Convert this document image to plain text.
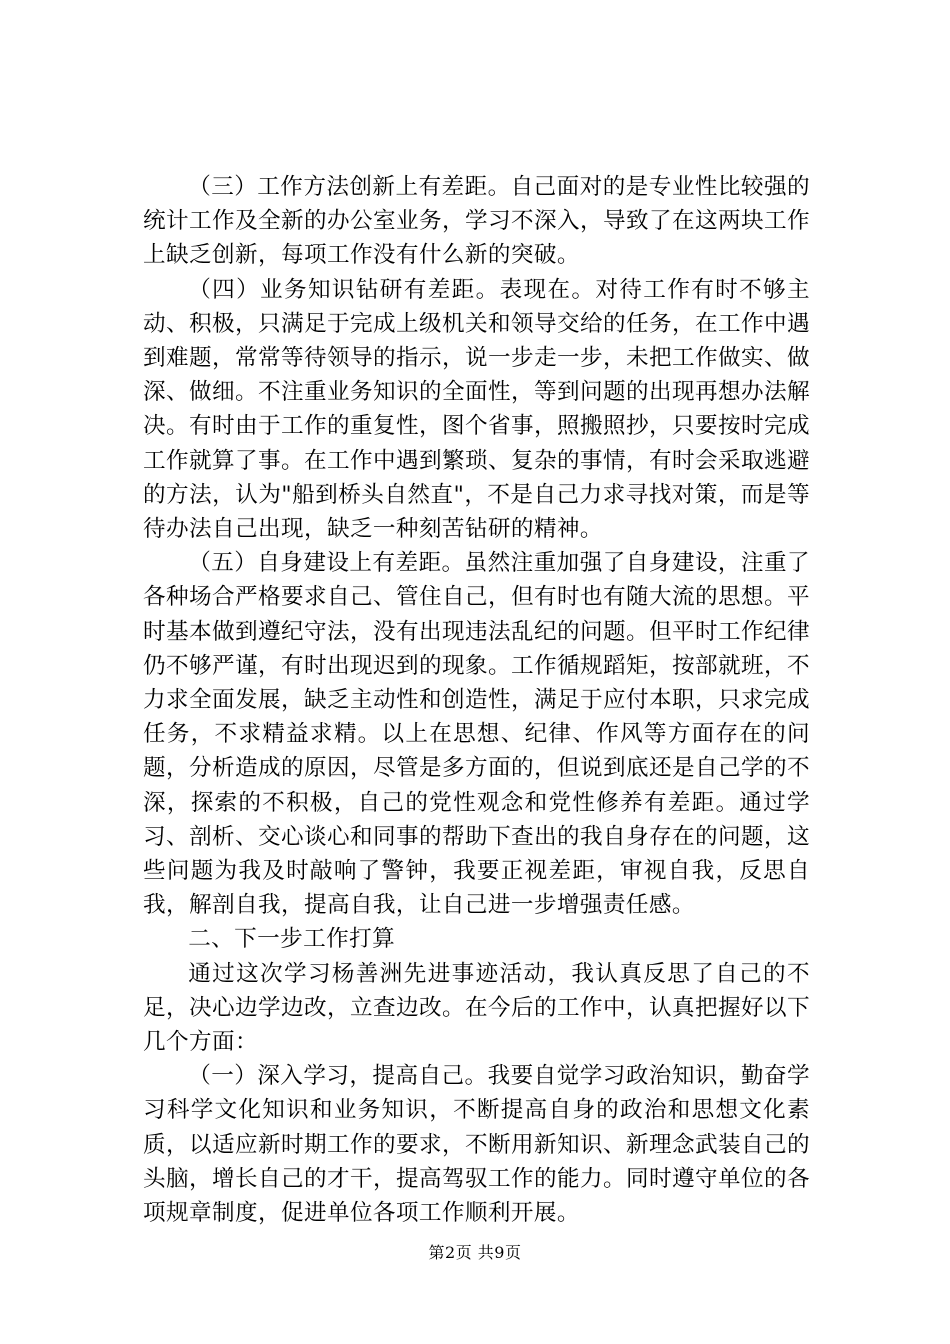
（三）工作方法创新上有差距。自己面对的是专业性比较强的统计工作及全新的办公室业务，学习不深入，导致了在这两块工作上缺乏创新，每项工作没有什么新的突破。

（四）业务知识钻研有差距。表现在。对待工作有时不够主动、积极，只满足于完成上级机关和领导交给的任务，在工作中遇到难题，常常等待领导的指示，说一步走一步，未把工作做实、做深、做细。不注重业务知识的全面性，等到问题的出现再想办法解决。有时由于工作的重复性，图个省事，照搬照抄，只要按时完成工作就算了事。在工作中遇到繁琐、复杂的事情，有时会采取逃避的方法，认为"船到桥头自然直"，不是自己力求寻找对策，而是等待办法自己出现，缺乏一种刻苦钻研的精神。

（五）自身建设上有差距。虽然注重加强了自身建设，注重了各种场合严格要求自己、管住自己，但有时也有随大流的思想。平时基本做到遵纪守法，没有出现违法乱纪的问题。但平时工作纪律仍不够严谨，有时出现迟到的现象。工作循规蹈矩，按部就班，不力求全面发展，缺乏主动性和创造性，满足于应付本职，只求完成任务，不求精益求精。以上在思想、纪律、作风等方面存在的问题，分析造成的原因，尽管是多方面的，但说到底还是自己学的不深，探索的不积极，自己的党性观念和党性修养有差距。通过学习、剖析、交心谈心和同事的帮助下查出的我自身存在的问题，这些问题为我及时敲响了警钟，我要正视差距，审视自我，反思自我，解剖自我，提高自我，让自己进一步增强责任感。

二、下一步工作打算

通过这次学习杨善洲先进事迹活动，我认真反思了自己的不足，决心边学边改，立查边改。在今后的工作中，认真把握好以下几个方面：

（一）深入学习，提高自己。我要自觉学习政治知识，勤奋学习科学文化知识和业务知识，不断提高自身的政治和思想文化素质，以适应新时期工作的要求，不断用新知识、新理念武装自己的头脑，增长自己的才干，提高驾驭工作的能力。同时遵守单位的各项规章制度，促进单位各项工作顺利开展。

第2页 共9页
